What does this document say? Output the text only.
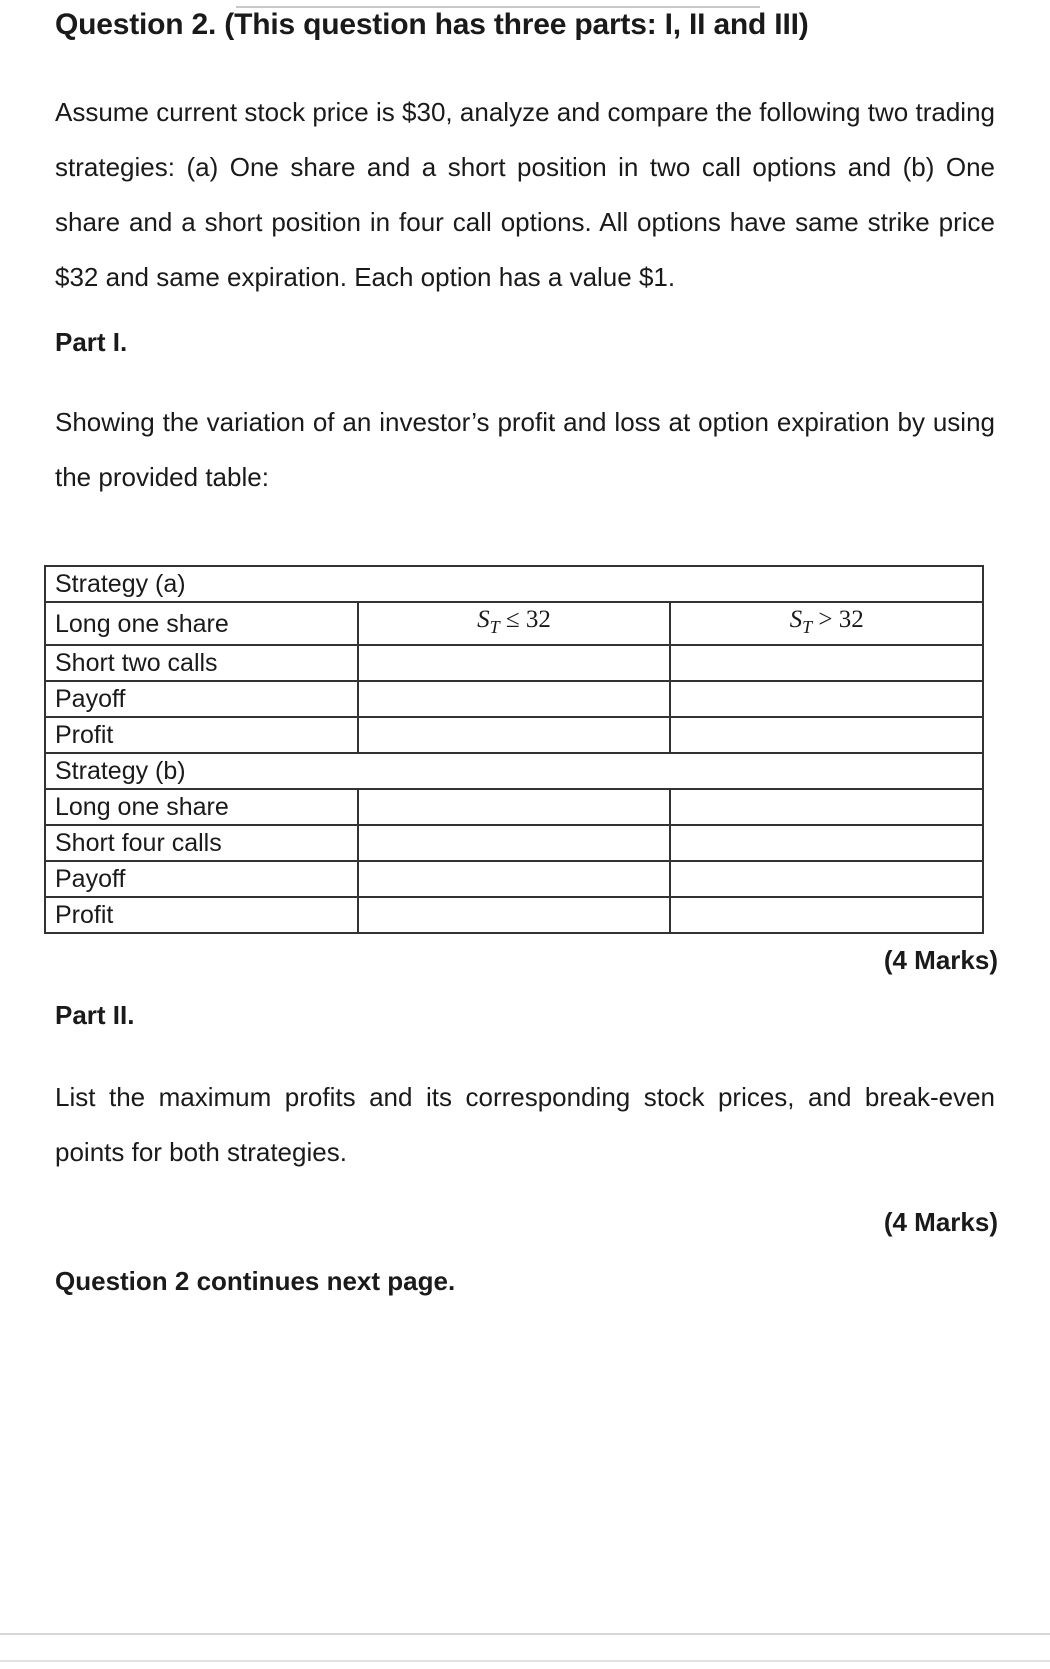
Question 2. (This question has three parts: I, II and III)

Assume current stock price is $30, analyze and compare the following two trading strategies: (a) One share and a short position in two call options and (b) One share and a short position in four call options. All options have same strike price $32 and same expiration. Each option has a value $1.

Part I.

Showing the variation of an investor’s profit and loss at option expiration by using the provided table:

Strategy (a)		
Long one share	$S_T \le 32$	$S_T > 32$
Short two calls		
Payoff		
Profit		
Strategy (b)		
Long one share		
Short four calls		
Payoff		
Profit		

(4 Marks)

Part II.

List the maximum profits and its corresponding stock prices, and break-even points for both strategies.

(4 Marks)

Question 2 continues next page.
